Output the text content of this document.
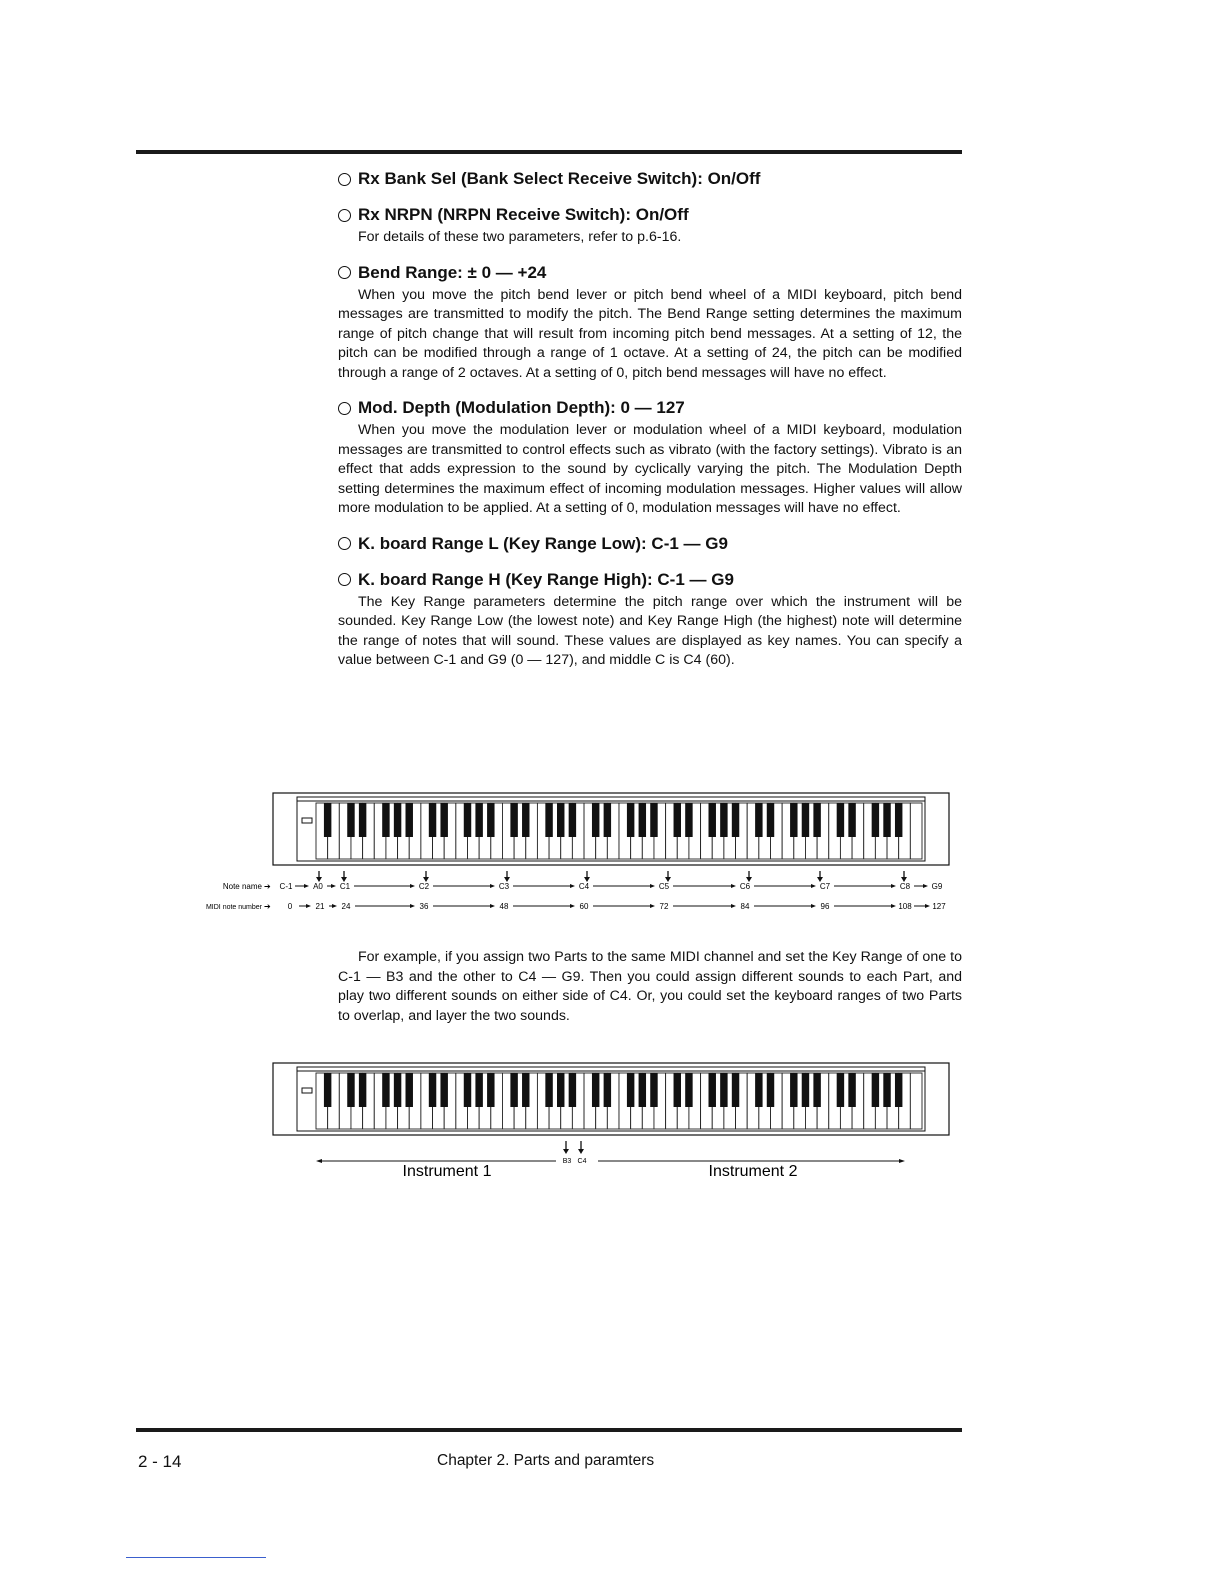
Rx Bank Sel (Bank Select Receive Switch): On/Off
Rx NRPN (NRPN Receive Switch): On/Off
For details of these two parameters, refer to p.6-16.
Bend Range: ± 0 — +24
When you move the pitch bend lever or pitch bend wheel of a MIDI keyboard, pitch bend messages are transmitted to modify the pitch. The Bend Range setting determines the maximum range of pitch change that will result from incoming pitch bend messages. At a setting of 12, the pitch can be modified through a range of 1 octave. At a setting of 24, the pitch can be modified through a range of 2 octaves. At a setting of 0, pitch bend messages will have no effect.
Mod. Depth (Modulation Depth): 0 — 127
When you move the modulation lever or modulation wheel of a MIDI keyboard, modulation messages are transmitted to control effects such as vibrato (with the factory settings). Vibrato is an effect that adds expression to the sound by cyclically varying the pitch. The Modulation Depth setting determines the maximum effect of incoming modulation messages. Higher values will allow more modulation to be applied. At a setting of 0, modulation messages will have no effect.
K. board Range L (Key Range Low): C-1 — G9
K. board Range H (Key Range High): C-1 — G9
The Key Range parameters determine the pitch range over which the instrument will be sounded. Key Range Low (the lowest note) and Key Range High (the highest) note will determine the range of notes that will sound. These values are displayed as key names. You can specify a value between C-1 and G9 (0 — 127), and middle C is C4 (60).
Note name ➔
MIDI note number ➔
C-1	A0 C1	C2	C3	C4	C5	C6	C7	C8	G9
0	21 24	36	48	60	72	84	96	108	127
For example, if you assign two Parts to the same MIDI channel and set the Key Range of one to C-1 — B3 and the other to C4 — G9. Then you could assign different sounds to each Part, and play two different sounds on either side of C4. Or, you could set the keyboard ranges of two Parts to overlap, and layer the two sounds.
B3 C4
Instrument 1	Instrument 2
2 - 14	Chapter 2. Parts and paramters
